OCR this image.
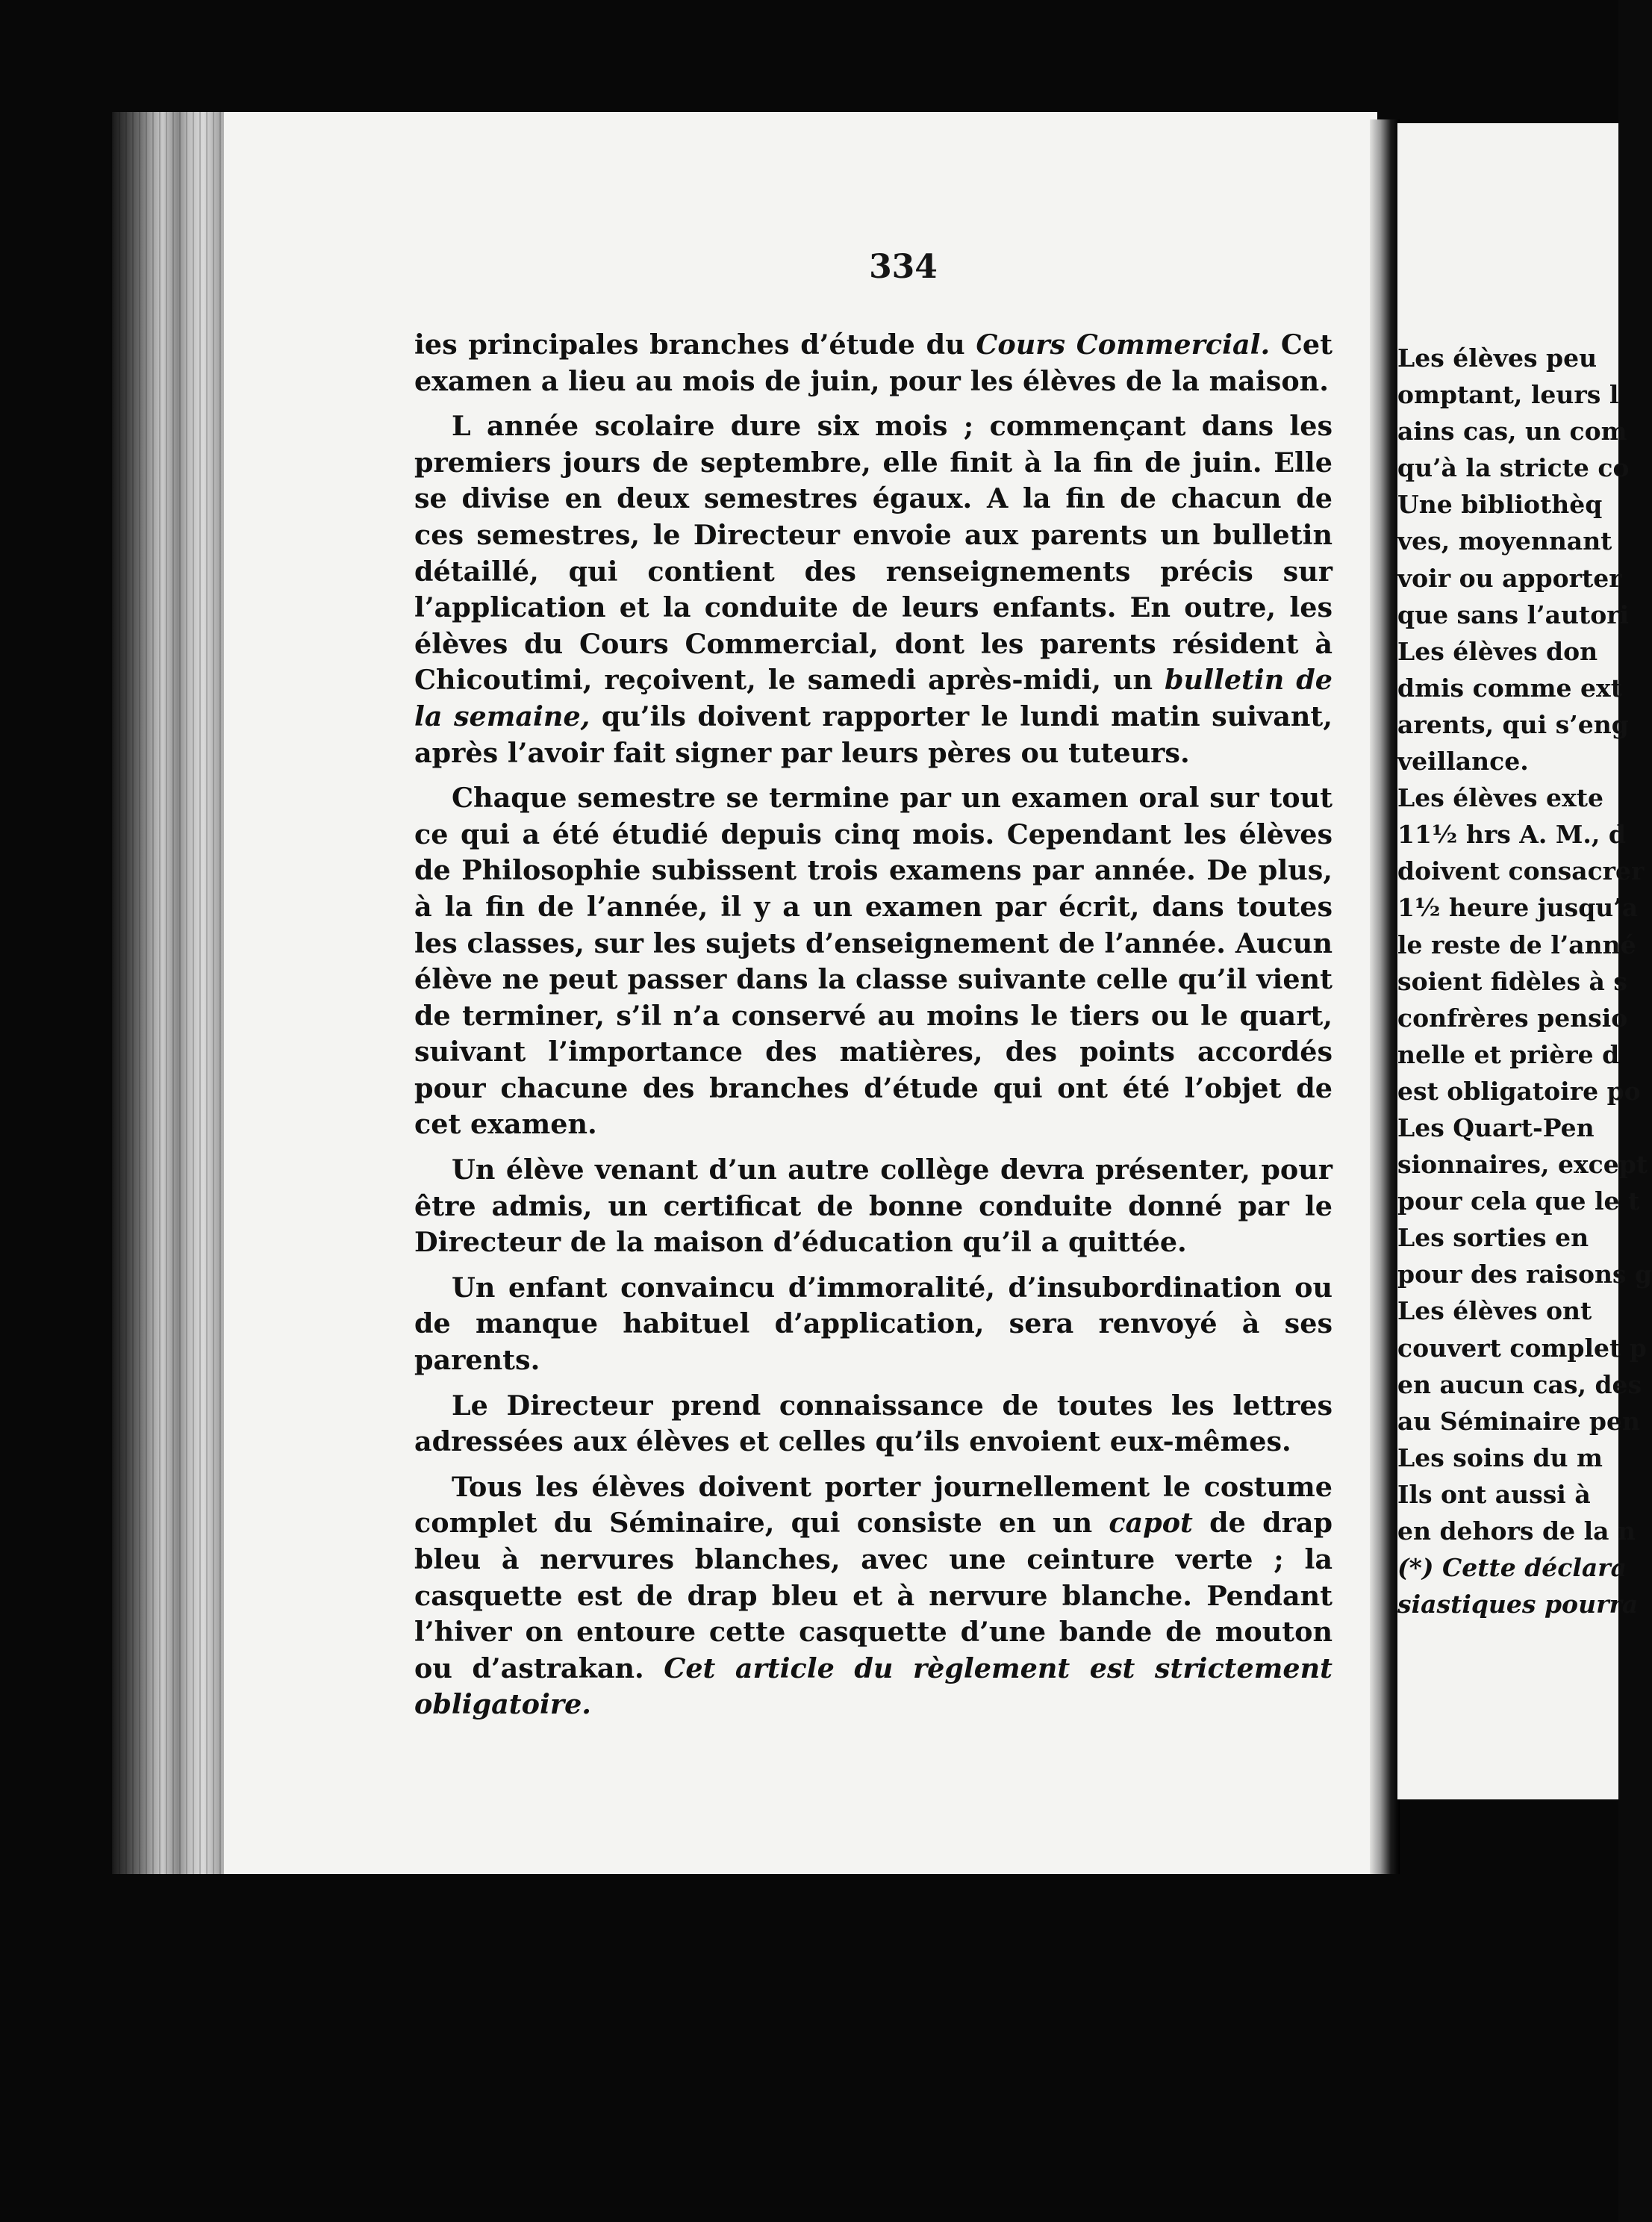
Les élèves peu
omptant, leurs l
ains cas, un com
qu’à la stricte co
Une bibliothèq
ves, moyennant
voir ou apporter
que sans l’autori
Les élèves don
dmis comme ext
arents, qui s’eng
veillance.
Les élèves exte
11½ hrs A. M., d
doivent consacrer
1½ heure jusqu’a
le reste de l’anné
soient fidèles à s
confrères pensio
nelle et prière d
est obligatoire po
Les Quart-Pen
sionnaires, except
pour cela que le t
Les sorties en
pour des raisons g
Les élèves ont
couvert complet p
en aucun cas, des
au Séminaire pen
Les soins du m
Ils ont aussi à
en dehors de la n
(*) Cette déclara
siastiques pourra
334

ies principales branches d’étude du Cours Commercial. Cet examen a lieu au mois de juin, pour les élèves de la maison.

L année scolaire dure six mois ; commençant dans les premiers jours de septembre, elle finit à la fin de juin. Elle se divise en deux semestres égaux. A la fin de chacun de ces semestres, le Directeur envoie aux parents un bulletin détaillé, qui contient des renseignements précis sur l’application et la conduite de leurs enfants. En outre, les élèves du Cours Commercial, dont les parents résident à Chicoutimi, reçoivent, le samedi après-midi, un bulletin de la semaine, qu’ils doivent rapporter le lundi matin suivant, après l’avoir fait signer par leurs pères ou tuteurs.

Chaque semestre se termine par un examen oral sur tout ce qui a été étudié depuis cinq mois. Cependant les élèves de Philosophie subissent trois examens par année. De plus, à la fin de l’année, il y a un examen par écrit, dans toutes les classes, sur les sujets d’enseignement de l’année. Aucun élève ne peut passer dans la classe suivante celle qu’il vient de terminer, s’il n’a conservé au moins le tiers ou le quart, suivant l’importance des matières, des points accordés pour chacune des branches d’étude qui ont été l’objet de cet examen.

Un élève venant d’un autre collège devra présenter, pour être admis, un certificat de bonne conduite donné par le Directeur de la maison d’éducation qu’il a quittée.

Un enfant convaincu d’immoralité, d’insubordination ou de manque habituel d’application, sera renvoyé à ses parents.

Le Directeur prend connaissance de toutes les lettres adressées aux élèves et celles qu’ils envoient eux-mêmes.

Tous les élèves doivent porter journellement le costume complet du Séminaire, qui consiste en un capot de drap bleu à nervures blanches, avec une ceinture verte ; la casquette est de drap bleu et à nervure blanche. Pendant l’hiver on entoure cette casquette d’une bande de mouton ou d’astrakan. Cet article du règlement est strictement obligatoire.
